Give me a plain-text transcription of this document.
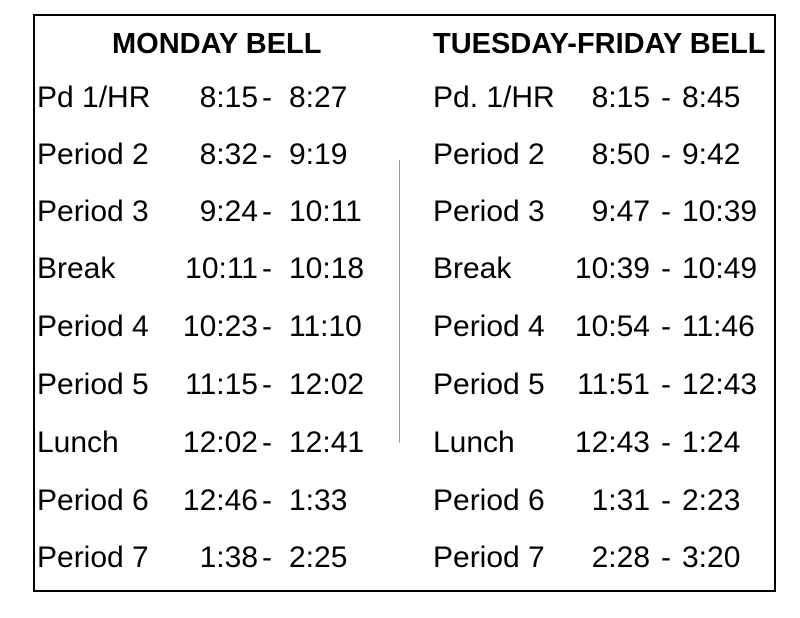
MONDAY BELL	TUESDAY-FRIDAY BELL
Pd 1/HR 8:15 - 8:27
Period 2 8:32 - 9:19
Period 3 9:24 - 10:11
Break 10:11 - 10:18
Period 4 10:23 - 11:10
Period 5 11:15 - 12:02
Lunch 12:02 - 12:41
Period 6 12:46 - 1:33
Period 7 1:38 - 2:25
Pd. 1/HR 8:15 - 8:45
Period 2 8:50 - 9:42
Period 3 9:47 - 10:39
Break 10:39 - 10:49
Period 4 10:54 - 11:46
Period 5 11:51 - 12:43
Lunch 12:43 - 1:24
Period 6 1:31 - 2:23
Period 7 2:28 - 3:20
